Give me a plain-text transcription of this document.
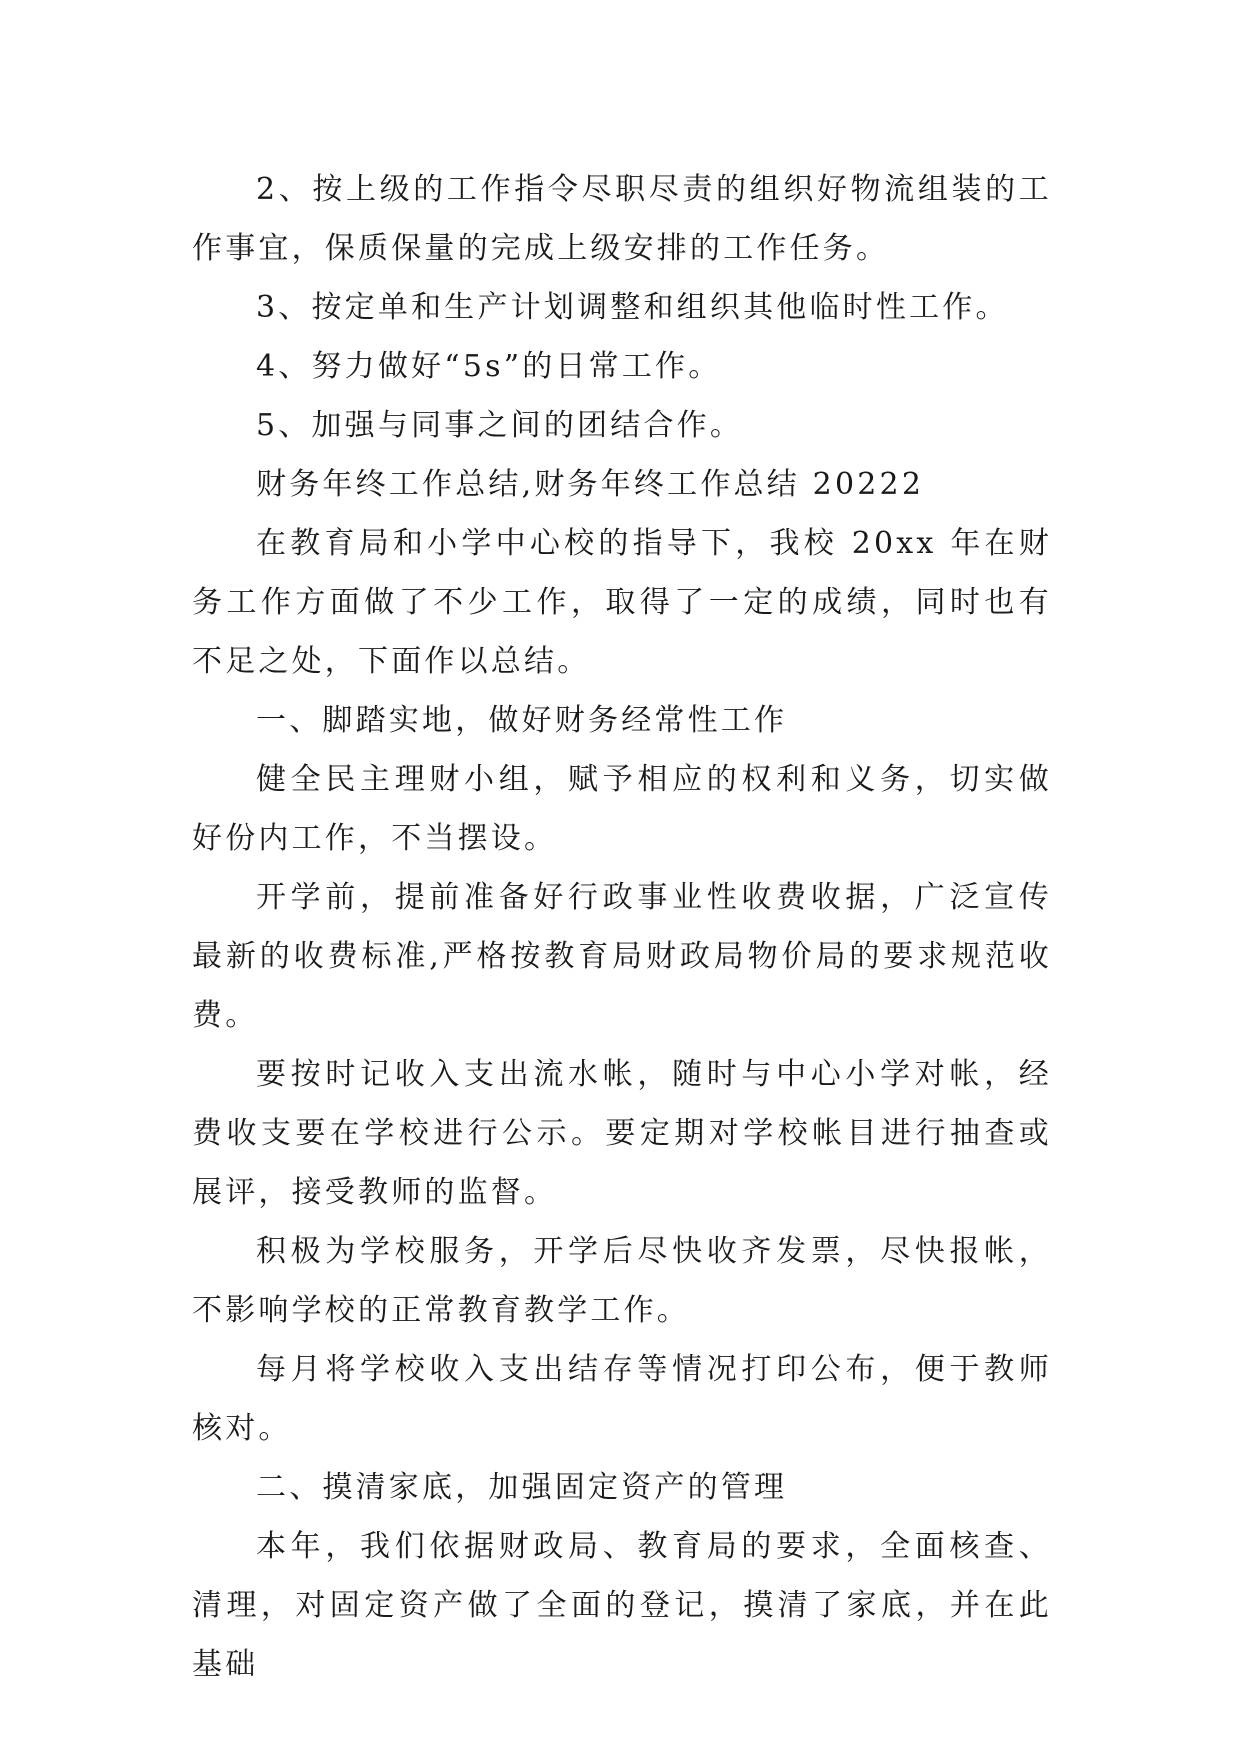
2、按上级的工作指令尽职尽责的组织好物流组装的工作事宜，保质保量的完成上级安排的工作任务。

3、按定单和生产计划调整和组织其他临时性工作。

4、努力做好“5s”的日常工作。

5、加强与同事之间的团结合作。

财务年终工作总结,财务年终工作总结 20222

在教育局和小学中心校的指导下，我校 20xx 年在财务工作方面做了不少工作，取得了一定的成绩，同时也有不足之处，下面作以总结。

一、脚踏实地，做好财务经常性工作

健全民主理财小组，赋予相应的权利和义务，切实做好份内工作，不当摆设。

开学前，提前准备好行政事业性收费收据，广泛宣传最新的收费标准,严格按教育局财政局物价局的要求规范收费。

要按时记收入支出流水帐，随时与中心小学对帐，经费收支要在学校进行公示。要定期对学校帐目进行抽查或展评，接受教师的监督。

积极为学校服务，开学后尽快收齐发票，尽快报帐，不影响学校的正常教育教学工作。

每月将学校收入支出结存等情况打印公布，便于教师核对。

二、摸清家底，加强固定资产的管理

本年，我们依据财政局、教育局的要求，全面核查、清理，对固定资产做了全面的登记，摸清了家底，并在此基础
